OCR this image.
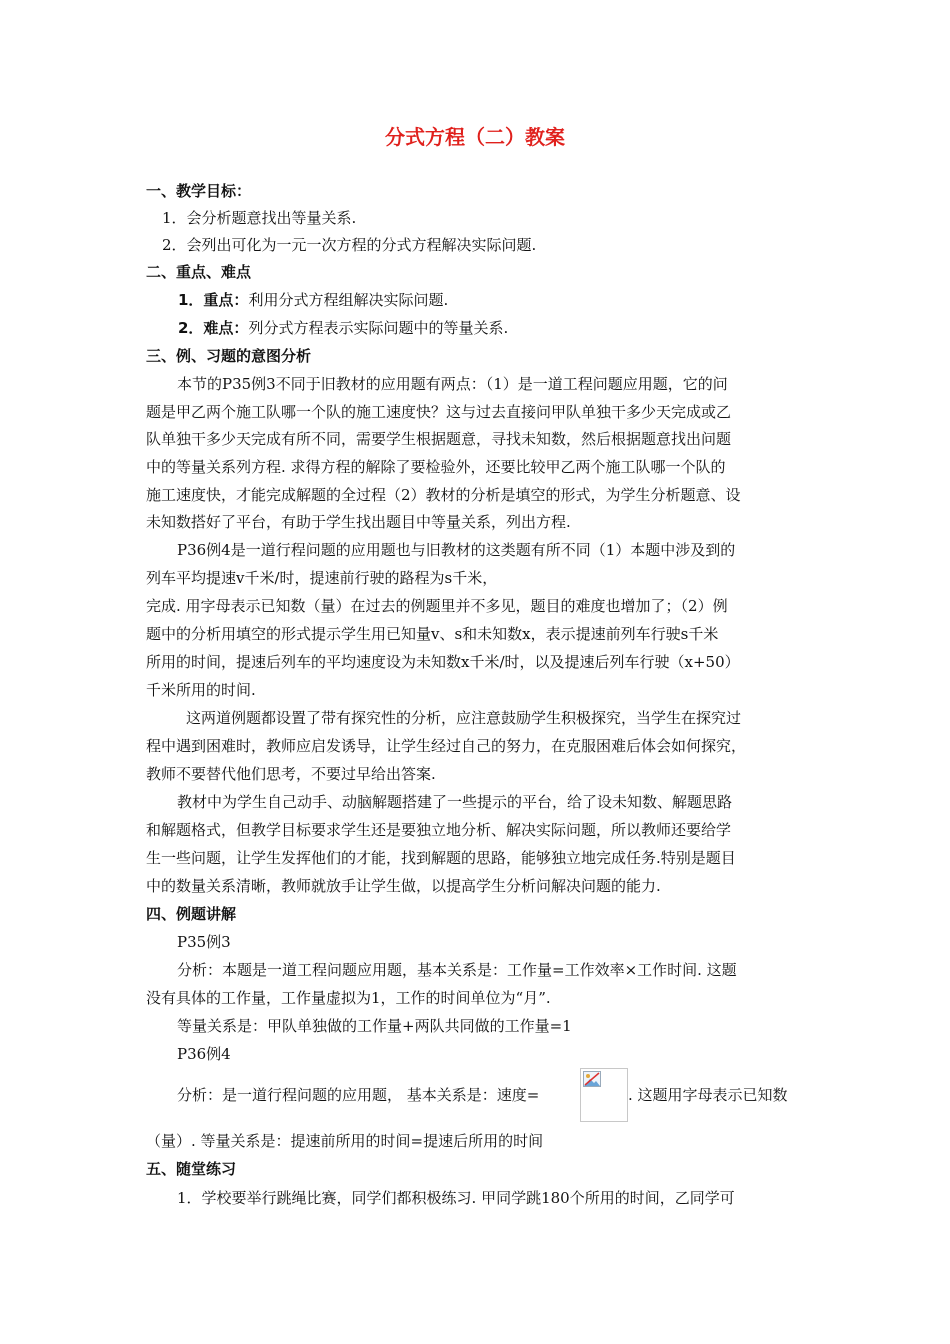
分式方程（二）教案
一、教学目标：
1．会分析题意找出等量关系.
2．会列出可化为一元一次方程的分式方程解决实际问题.
二、重点、难点
1．重点：利用分式方程组解决实际问题.
2．难点：列分式方程表示实际问题中的等量关系.
三、例、习题的意图分析
本节的P35例3不同于旧教材的应用题有两点：（1）是一道工程问题应用题，它的问
题是甲乙两个施工队哪一个队的施工速度快？这与过去直接问甲队单独干多少天完成或乙
队单独干多少天完成有所不同，需要学生根据题意，寻找未知数，然后根据题意找出问题
中的等量关系列方程. 求得方程的解除了要检验外，还要比较甲乙两个施工队哪一个队的
施工速度快，才能完成解题的全过程（2）教材的分析是填空的形式，为学生分析题意、设
未知数搭好了平台，有助于学生找出题目中等量关系，列出方程.
P36例4是一道行程问题的应用题也与旧教材的这类题有所不同（1）本题中涉及到的
列车平均提速v千米/时，提速前行驶的路程为s千米，
完成. 用字母表示已知数（量）在过去的例题里并不多见，题目的难度也增加了；（2）例
题中的分析用填空的形式提示学生用已知量v、s和未知数x，表示提速前列车行驶s千米
所用的时间，提速后列车的平均速度设为未知数x千米/时，以及提速后列车行驶（x+50）
千米所用的时间.
这两道例题都设置了带有探究性的分析，应注意鼓励学生积极探究，当学生在探究过
程中遇到困难时，教师应启发诱导，让学生经过自己的努力，在克服困难后体会如何探究，
教师不要替代他们思考，不要过早给出答案.
教材中为学生自己动手、动脑解题搭建了一些提示的平台，给了设未知数、解题思路
和解题格式，但教学目标要求学生还是要独立地分析、解决实际问题，所以教师还要给学
生一些问题，让学生发挥他们的才能，找到解题的思路，能够独立地完成任务.特别是题目
中的数量关系清晰，教师就放手让学生做，以提高学生分析问解决问题的能力.
四、例题讲解
P35例3
分析：本题是一道工程问题应用题，基本关系是：工作量=工作效率×工作时间. 这题
没有具体的工作量，工作量虚拟为1，工作的时间单位为“月”.
等量关系是：甲队单独做的工作量+两队共同做的工作量=1
P36例4
分析：是一道行程问题的应用题， 基本关系是：速度=	. 这题用字母表示已知数
（量）. 等量关系是：提速前所用的时间=提速后所用的时间
五、随堂练习
1．学校要举行跳绳比赛，同学们都积极练习. 甲同学跳180个所用的时间，乙同学可
